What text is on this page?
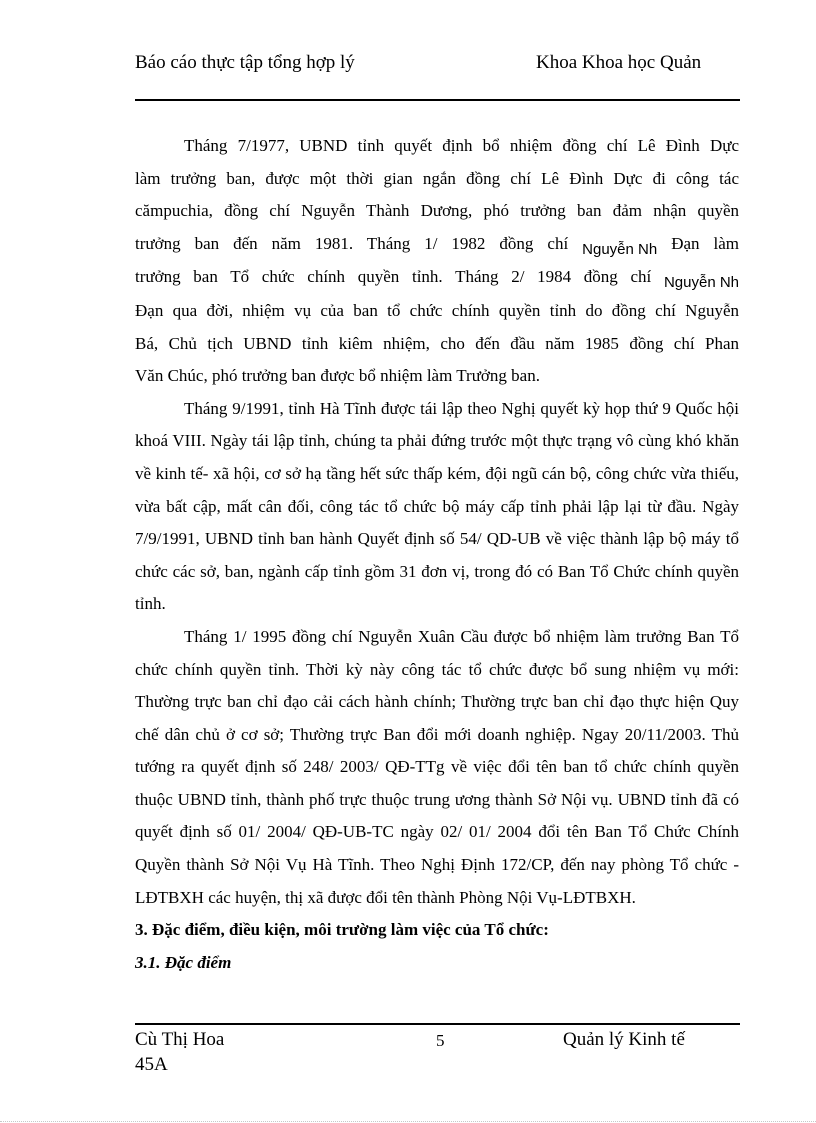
Báo cáo thực tập tổng hợp lý	Khoa Khoa học Quản

Tháng 7/1977, UBND tỉnh quyết định bổ nhiệm đồng chí Lê Đình Dực

làm trưởng ban, được một thời gian ngắn đồng chí Lê Đình Dực đi công tác

cămpuchia, đồng chí Nguyễn Thành Dương, phó trưởng ban đảm nhận quyền

trưởng ban đến năm 1981. Tháng 1/ 1982 đồng chí Nguyễn Nh Đạn làm

trưởng ban Tổ chức chính quyền tỉnh. Tháng 2/ 1984 đồng chí Nguyễn Nh

Đạn qua đời, nhiệm vụ của ban tổ chức chính quyền tỉnh do đồng chí Nguyễn

Bá, Chủ tịch UBND tỉnh kiêm nhiệm, cho đến đầu năm 1985 đồng chí Phan

Văn Chúc, phó trưởng ban được bổ nhiệm làm Trưởng ban.

Tháng 9/1991, tỉnh Hà Tĩnh được tái lập theo Nghị quyết kỳ họp thứ 9 Quốc hội khoá VIII. Ngày tái lập tỉnh, chúng ta phải đứng trước một thực trạng vô cùng khó khăn về kinh tế- xã hội, cơ sở hạ tầng hết sức thấp kém, đội ngũ cán bộ, công chức vừa thiếu, vừa bất cập, mất cân đối, công tác tổ chức bộ máy cấp tỉnh phải lập lại từ đầu. Ngày 7/9/1991, UBND tỉnh ban hành Quyết định số 54/ QD-UB về việc thành lập bộ máy tổ chức các sở, ban, ngành cấp tỉnh gồm 31 đơn vị, trong đó có Ban Tổ Chức chính quyền tỉnh.

Tháng 1/ 1995 đồng chí Nguyễn Xuân Cầu được bổ nhiệm làm trưởng Ban Tổ chức chính quyền tỉnh. Thời kỳ này công tác tổ chức được bổ sung nhiệm vụ mới: Thường trực ban chỉ đạo cải cách hành chính; Thường trực ban chỉ đạo thực hiện Quy chế dân chủ ở cơ sở; Thường trực Ban đổi mới doanh nghiệp. Ngay 20/11/2003. Thủ tướng ra quyết định số 248/ 2003/ QĐ-TTg về việc đổi tên ban tổ chức chính quyền thuộc UBND tỉnh, thành phố trực thuộc trung ương thành Sở Nội vụ. UBND tỉnh đã có quyết định số 01/ 2004/ QĐ-UB-TC ngày 02/ 01/ 2004 đổi tên Ban Tổ Chức Chính Quyền thành Sở Nội Vụ Hà Tĩnh. Theo Nghị Định 172/CP, đến nay phòng Tổ chức - LĐTBXH các huyện, thị xã được đổi tên thành Phòng Nội Vụ-LĐTBXH.

3. Đặc điểm, điều kiện, môi trường làm việc của Tổ chức:

3.1. Đặc điểm

Cù Thị Hoa 45A
5	Quản lý Kinh tế
